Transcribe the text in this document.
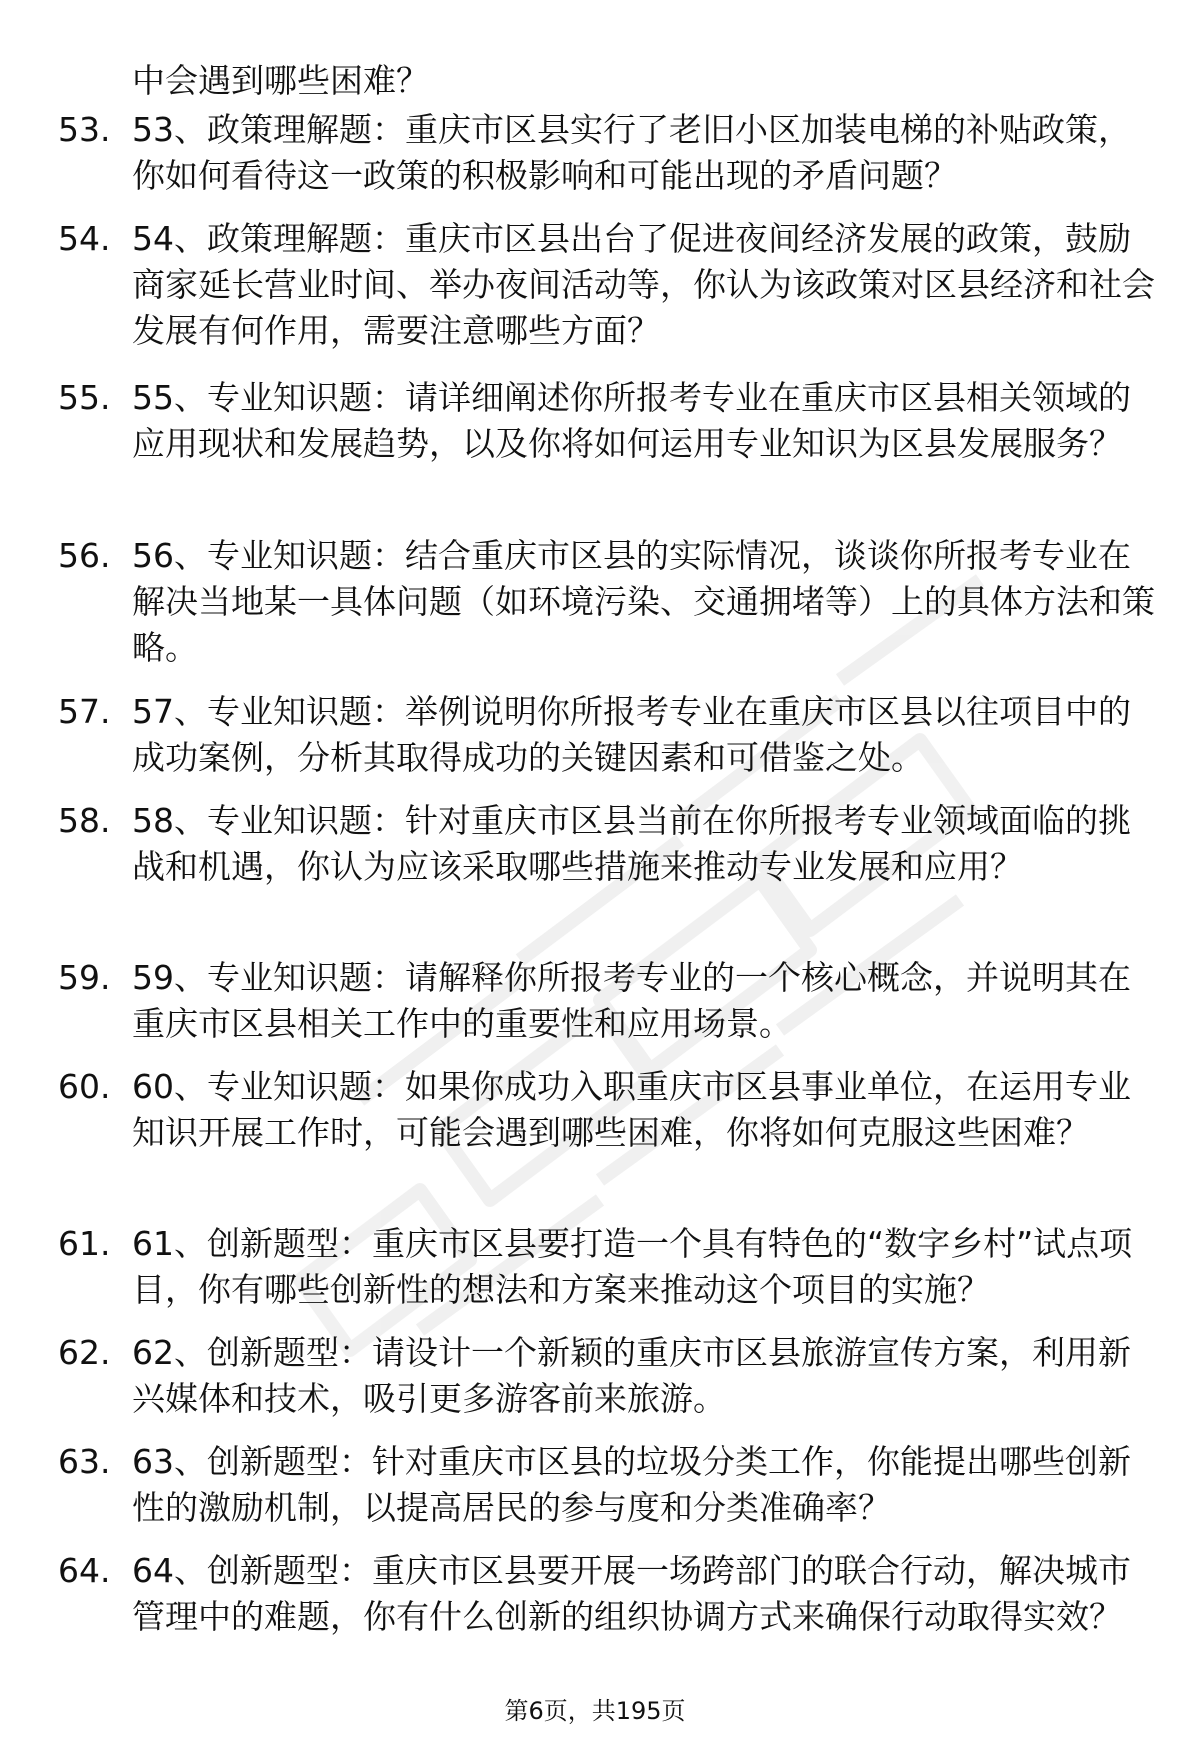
中会遇到哪些困难？
53. 53、政策理解题：重庆市区县实行了老旧小区加装电梯的补贴政策，你如何看待这一政策的积极影响和可能出现的矛盾问题？
54. 54、政策理解题：重庆市区县出台了促进夜间经济发展的政策，鼓励商家延长营业时间、举办夜间活动等，你认为该政策对区县经济和社会发展有何作用，需要注意哪些方面？
55. 55、专业知识题：请详细阐述你所报考专业在重庆市区县相关领域的应用现状和发展趋势，以及你将如何运用专业知识为区县发展服务？
56. 56、专业知识题：结合重庆市区县的实际情况，谈谈你所报考专业在解决当地某一具体问题（如环境污染、交通拥堵等）上的具体方法和策略。
57. 57、专业知识题：举例说明你所报考专业在重庆市区县以往项目中的成功案例，分析其取得成功的关键因素和可借鉴之处。
58. 58、专业知识题：针对重庆市区县当前在你所报考专业领域面临的挑战和机遇，你认为应该采取哪些措施来推动专业发展和应用？
59. 59、专业知识题：请解释你所报考专业的一个核心概念，并说明其在重庆市区县相关工作中的重要性和应用场景。
60. 60、专业知识题：如果你成功入职重庆市区县事业单位，在运用专业知识开展工作时，可能会遇到哪些困难，你将如何克服这些困难？
61. 61、创新题型：重庆市区县要打造一个具有特色的“数字乡村”试点项目，你有哪些创新性的想法和方案来推动这个项目的实施？
62. 62、创新题型：请设计一个新颖的重庆市区县旅游宣传方案，利用新兴媒体和技术，吸引更多游客前来旅游。
63. 63、创新题型：针对重庆市区县的垃圾分类工作，你能提出哪些创新性的激励机制，以提高居民的参与度和分类准确率？
64. 64、创新题型：重庆市区县要开展一场跨部门的联合行动，解决城市管理中的难题，你有什么创新的组织协调方式来确保行动取得实效？
第6页，共195页
